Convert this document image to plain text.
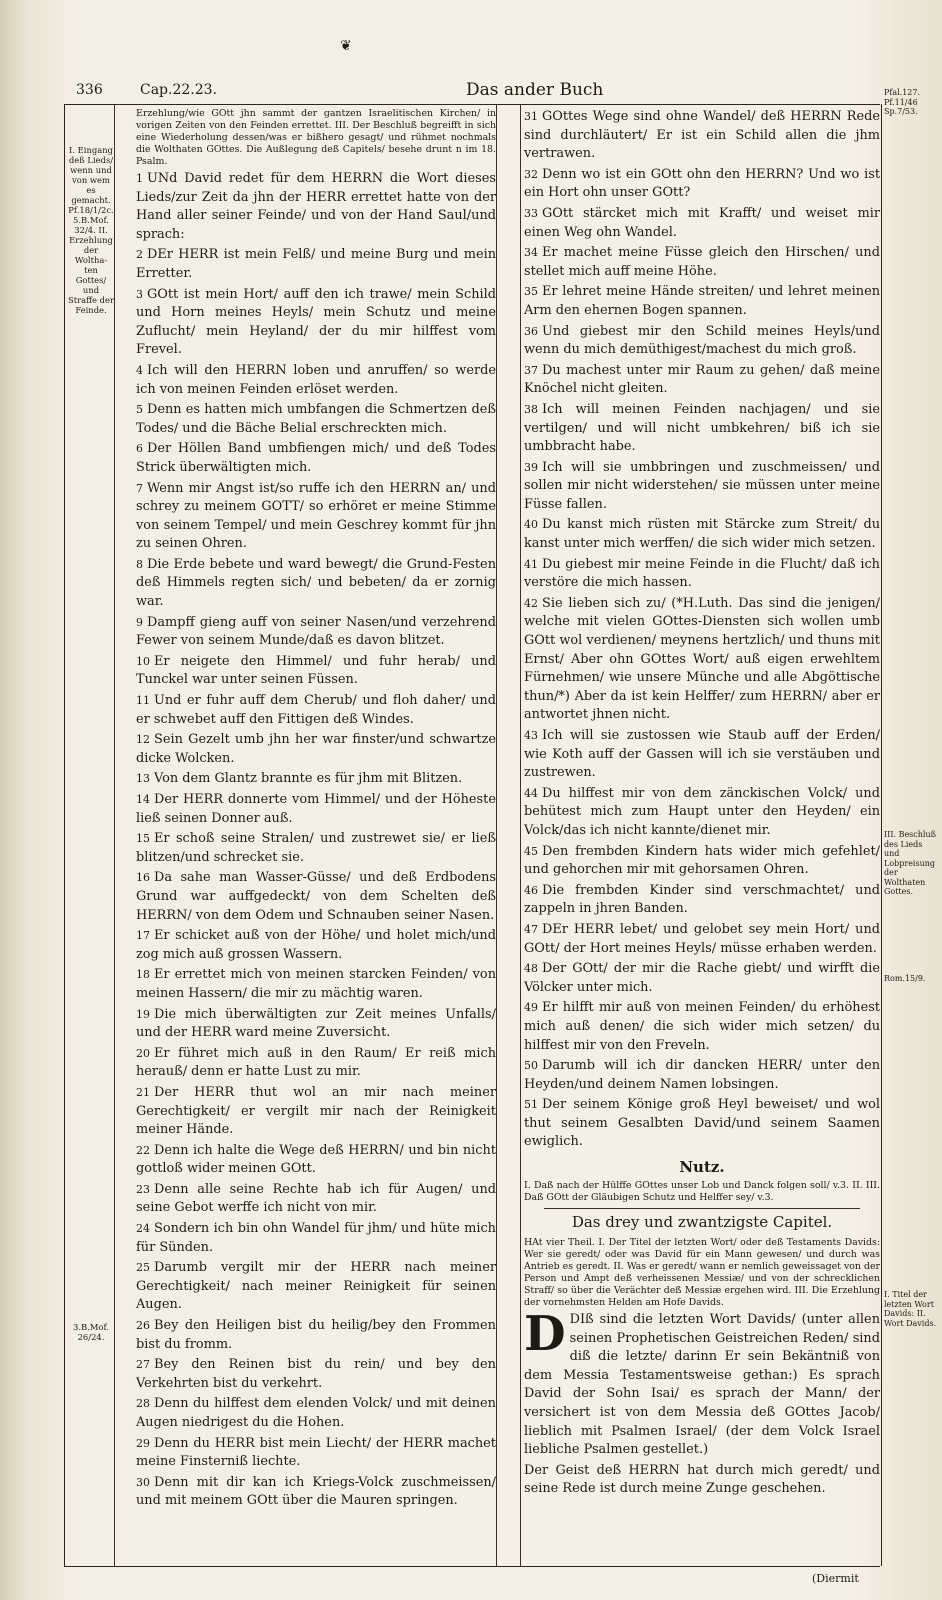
❦
336	Cap.22.23.	Das ander Buch
I. Eingang deß Lieds/ wenn und von wem es gemacht. Pf.18/1/2c. 5.B.Mof. 32/4. II. Erzehlung der Woltha-ten Gottes/ und Straffe der Feinde.
3.B.Mof. 26/24.
Pfal.127. Pf.11/46 Sp.7/53.
III. Beschluß des Lieds und Lobpreisung der Wolthaten Gottes.
Rom.15/9.
I. Titel der letzten Wort Davids: II. Wort Davids.

Erzehlung/wie GOtt jhn sammt der gantzen Israelitischen Kirchen/ in vorigen Zeiten von den Feinden errettet. III. Der Beschluß begreifft in sich eine Wiederholung dessen/was er bißhero gesagt/ und rühmet nochmals die Wolthaten GOttes. Die Außlegung deß Capitels/ besehe drunt n im 18. Psalm.

1 UNd David redet für dem HERRN die Wort dieses Lieds/zur Zeit da jhn der HERR errettet hatte von der Hand aller seiner Feinde/ und von der Hand Saul/und sprach:

2 DEr HERR ist mein Felß/ und meine Burg und mein Erretter.

3 GOtt ist mein Hort/ auff den ich trawe/ mein Schild und Horn meines Heyls/ mein Schutz und meine Zuflucht/ mein Heyland/ der du mir hilffest vom Frevel.

4 Ich will den HERRN loben und anruffen/ so werde ich von meinen Feinden erlöset werden.

5 Denn es hatten mich umbfangen die Schmertzen deß Todes/ und die Bäche Belial erschreckten mich.

6 Der Höllen Band umbfiengen mich/ und deß Todes Strick überwältigten mich.

7 Wenn mir Angst ist/so ruffe ich den HERRN an/ und schrey zu meinem GOTT/ so erhöret er meine Stimme von seinem Tempel/ und mein Geschrey kommt für jhn zu seinen Ohren.

8 Die Erde bebete und ward bewegt/ die Grund-Festen deß Himmels regten sich/ und bebeten/ da er zornig war.

9 Dampff gieng auff von seiner Nasen/und verzehrend Fewer von seinem Munde/daß es davon blitzet.

10 Er neigete den Himmel/ und fuhr herab/ und Tunckel war unter seinen Füssen.

11 Und er fuhr auff dem Cherub/ und floh daher/ und er schwebet auff den Fittigen deß Windes.

12 Sein Gezelt umb jhn her war finster/und schwartze dicke Wolcken.

13 Von dem Glantz brannte es für jhm mit Blitzen.

14 Der HERR donnerte vom Himmel/ und der Höheste ließ seinen Donner auß.

15 Er schoß seine Stralen/ und zustrewet sie/ er ließ blitzen/und schrecket sie.

16 Da sahe man Wasser-Güsse/ und deß Erdbodens Grund war auffgedeckt/ von dem Schelten deß HERRN/ von dem Odem und Schnauben seiner Nasen.

17 Er schicket auß von der Höhe/ und holet mich/und zog mich auß grossen Wassern.

18 Er errettet mich von meinen starcken Feinden/ von meinen Hassern/ die mir zu mächtig waren.

19 Die mich überwältigten zur Zeit meines Unfalls/ und der HERR ward meine Zuversicht.

20 Er führet mich auß in den Raum/ Er reiß mich herauß/ denn er hatte Lust zu mir.

21 Der HERR thut wol an mir nach meiner Gerechtigkeit/ er vergilt mir nach der Reinigkeit meiner Hände.

22 Denn ich halte die Wege deß HERRN/ und bin nicht gottloß wider meinen GOtt.

23 Denn alle seine Rechte hab ich für Augen/ und seine Gebot werffe ich nicht von mir.

24 Sondern ich bin ohn Wandel für jhm/ und hüte mich für Sünden.

25 Darumb vergilt mir der HERR nach meiner Gerechtigkeit/ nach meiner Reinigkeit für seinen Augen.

26 Bey den Heiligen bist du heilig/bey den Frommen bist du fromm.

27 Bey den Reinen bist du rein/ und bey den Verkehrten bist du verkehrt.

28 Denn du hilffest dem elenden Volck/ und mit deinen Augen niedrigest du die Hohen.

29 Denn du HERR bist mein Liecht/ der HERR machet meine Finsterniß liechte.

30 Denn mit dir kan ich Kriegs-Volck zuschmeissen/ und mit meinem GOtt über die Mauren springen.

31 GOttes Wege sind ohne Wandel/ deß HERRN Rede sind durchläutert/ Er ist ein Schild allen die jhm vertrawen.

32 Denn wo ist ein GOtt ohn den HERRN? Und wo ist ein Hort ohn unser GOtt?

33 GOtt stärcket mich mit Krafft/ und weiset mir einen Weg ohn Wandel.

34 Er machet meine Füsse gleich den Hirschen/ und stellet mich auff meine Höhe.

35 Er lehret meine Hände streiten/ und lehret meinen Arm den ehernen Bogen spannen.

36 Und giebest mir den Schild meines Heyls/und wenn du mich demüthigest/machest du mich groß.

37 Du machest unter mir Raum zu gehen/ daß meine Knöchel nicht gleiten.

38 Ich will meinen Feinden nachjagen/ und sie vertilgen/ und will nicht umbkehren/ biß ich sie umbbracht habe.

39 Ich will sie umbbringen und zuschmeissen/ und sollen mir nicht widerstehen/ sie müssen unter meine Füsse fallen.

40 Du kanst mich rüsten mit Stärcke zum Streit/ du kanst unter mich werffen/ die sich wider mich setzen.

41 Du giebest mir meine Feinde in die Flucht/ daß ich verstöre die mich hassen.

42 Sie lieben sich zu/ (*H.Luth. Das sind die jenigen/ welche mit vielen GOttes-Diensten sich wollen umb GOtt wol verdienen/ meynens hertzlich/ und thuns mit Ernst/ Aber ohn GOttes Wort/ auß eigen erwehltem Fürnehmen/ wie unsere Münche und alle Abgöttische thun/*) Aber da ist kein Helffer/ zum HERRN/ aber er antwortet jhnen nicht.

43 Ich will sie zustossen wie Staub auff der Erden/ wie Koth auff der Gassen will ich sie verstäuben und zustrewen.

44 Du hilffest mir von dem zänckischen Volck/ und behütest mich zum Haupt unter den Heyden/ ein Volck/das ich nicht kannte/dienet mir.

45 Den frembden Kindern hats wider mich gefehlet/ und gehorchen mir mit gehorsamen Ohren.

46 Die frembden Kinder sind verschmachtet/ und zappeln in jhren Banden.

47 DEr HERR lebet/ und gelobet sey mein Hort/ und GOtt/ der Hort meines Heyls/ müsse erhaben werden.

48 Der GOtt/ der mir die Rache giebt/ und wirfft die Völcker unter mich.

49 Er hilfft mir auß von meinen Feinden/ du erhöhest mich auß denen/ die sich wider mich setzen/ du hilffest mir von den Freveln.

50 Darumb will ich dir dancken HERR/ unter den Heyden/und deinem Namen lobsingen.

51 Der seinem Könige groß Heyl beweiset/ und wol thut seinem Gesalbten David/und seinem Saamen ewiglich.

Nutz.

I. Daß nach der Hülffe GOttes unser Lob und Danck folgen soll/ v.3. II. III. Daß GOtt der Gläubigen Schutz und Helffer sey/ v.3.

Das drey und zwantzigste Capitel.

HAt vier Theil. I. Der Titel der letzten Wort/ oder deß Testaments Davids: Wer sie geredt/ oder was David für ein Mann gewesen/ und durch was Antrieb es geredt. II. Was er geredt/ wann er nemlich geweissaget von der Person und Ampt deß verheissenen Messiæ/ und von der schrecklichen Straff/ so über die Verächter deß Messiæ ergehen wird. III. Die Erzehlung der vornehmsten Helden am Hofe Davids.

D DIß sind die letzten Wort Davids/ (unter allen seinen Prophetischen Geistreichen Reden/ sind diß die letzte/ darinn Er sein Bekäntniß von dem Messia Testamentsweise gethan:) Es sprach David der Sohn Isai/ es sprach der Mann/ der versichert ist von dem Messia deß GOttes Jacob/ lieblich mit Psalmen Israel/ (der dem Volck Israel liebliche Psalmen gestellet.)

Der Geist deß HERRN hat durch mich geredt/ und seine Rede ist durch meine Zunge geschehen.

(Diermit
